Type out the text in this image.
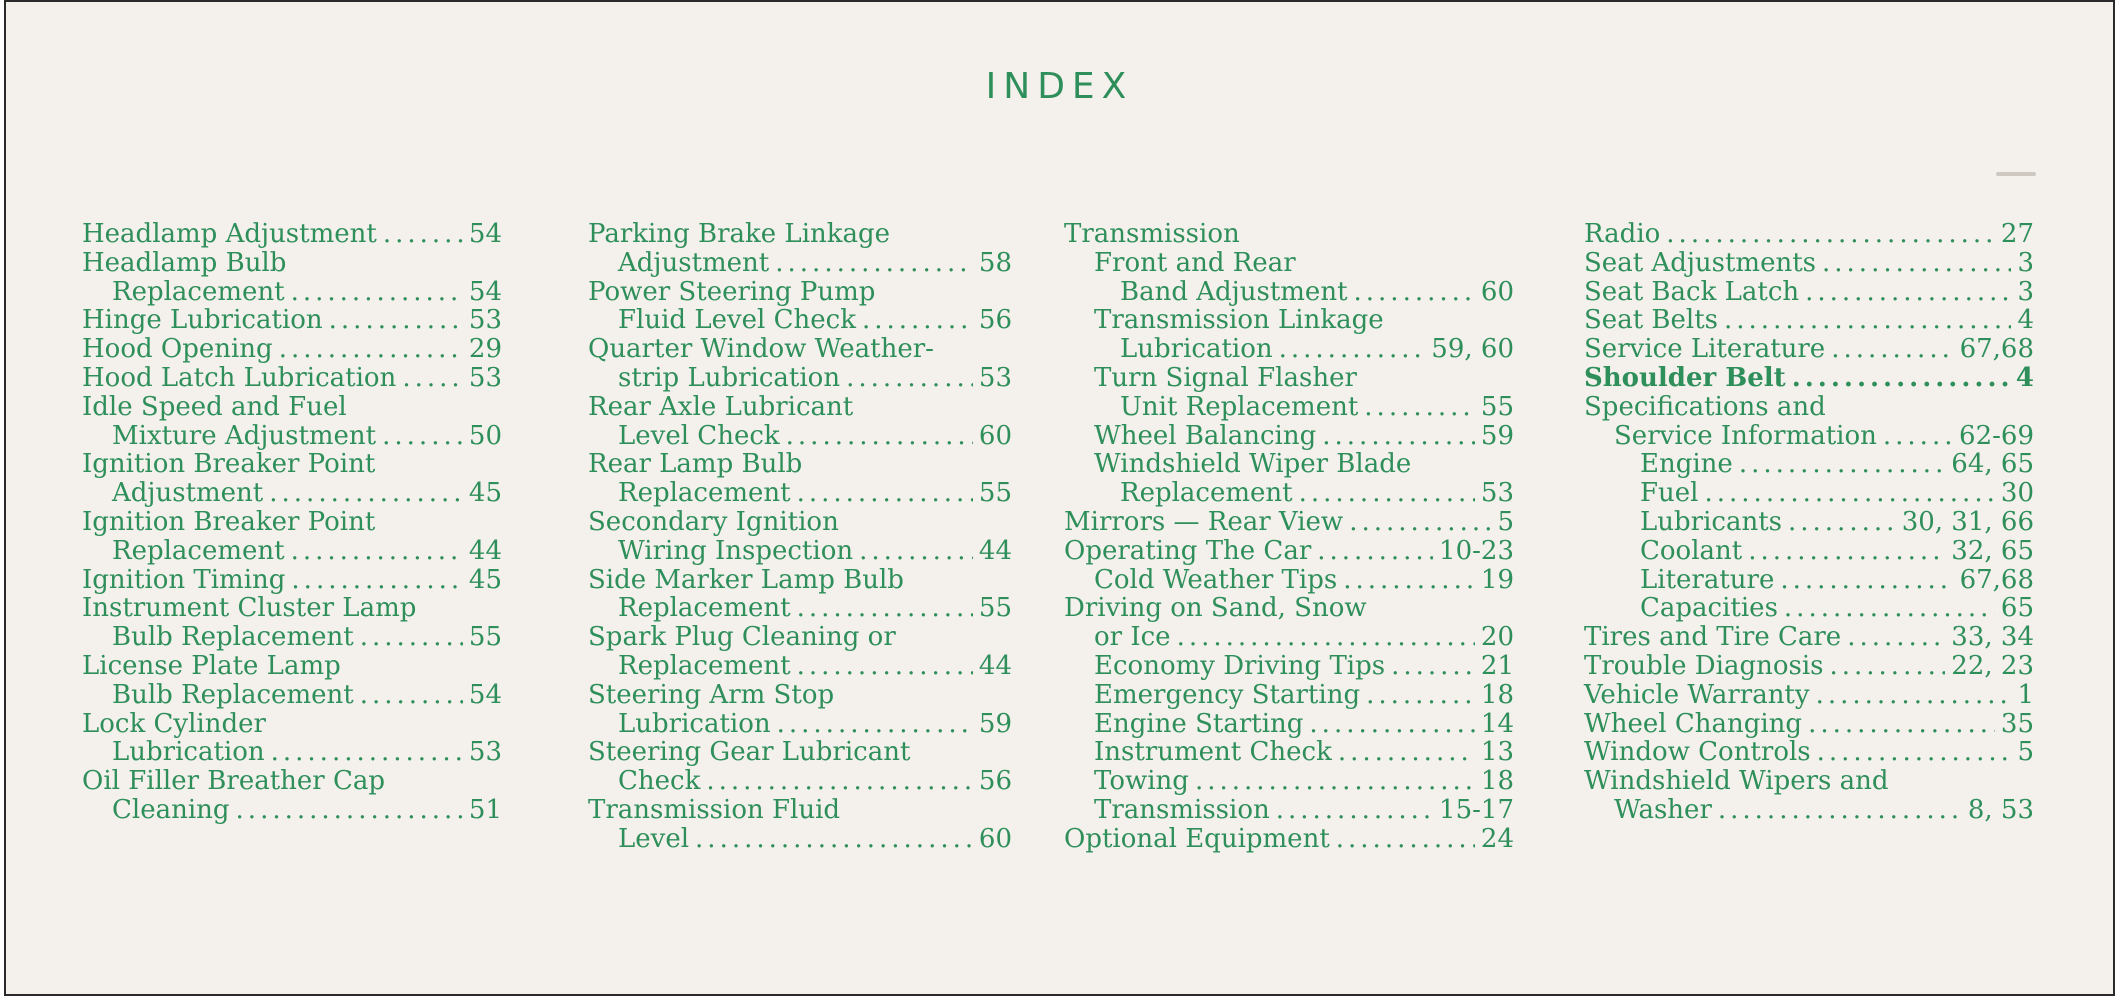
INDEX
Headlamp Adjustment .....	54
Headlamp Bulb
Replacement .....	54
Hinge Lubrication .....	53
Hood Opening .....	29
Hood Latch Lubrication .....	53
Idle Speed and Fuel
Mixture Adjustment .....	50
Ignition Breaker Point
Adjustment .....	45
Ignition Breaker Point
Replacement .....	44
Ignition Timing .....	45
Instrument Cluster Lamp
Bulb Replacement .....	55
License Plate Lamp
Bulb Replacement .....	54
Lock Cylinder
Lubrication .....	53
Oil Filler Breather Cap
Cleaning .....	51
Parking Brake Linkage
Adjustment .....	58
Power Steering Pump
Fluid Level Check .....	56
Quarter Window Weather-
strip Lubrication .....	53
Rear Axle Lubricant
Level Check .....	60
Rear Lamp Bulb
Replacement .....	55
Secondary Ignition
Wiring Inspection .....	44
Side Marker Lamp Bulb
Replacement .....	55
Spark Plug Cleaning or
Replacement .....	44
Steering Arm Stop
Lubrication .....	59
Steering Gear Lubricant
Check .....	56
Transmission Fluid
Level .....	60
Transmission
Front and Rear
Band Adjustment .....	60
Transmission Linkage
Lubrication .....	59, 60
Turn Signal Flasher
Unit Replacement .....	55
Wheel Balancing .....	59
Windshield Wiper Blade
Replacement .....	53
Mirrors — Rear View .....	5
Operating The Car .....	10-23
Cold Weather Tips .....	19
Driving on Sand, Snow
or Ice .....	20
Economy Driving Tips .....	21
Emergency Starting .....	18
Engine Starting .....	14
Instrument Check .....	13
Towing .....	18
Transmission .....	15-17
Optional Equipment .....	24
Radio .....	27
Seat Adjustments .....	3
Seat Back Latch .....	3
Seat Belts .....	4
Service Literature .....	67,68
Shoulder Belt .....	4
Specifications and
Service Information .....	62-69
Engine .....	64, 65
Fuel .....	30
Lubricants .....	30, 31, 66
Coolant .....	32, 65
Literature .....	67,68
Capacities .....	65
Tires and Tire Care .....	33, 34
Trouble Diagnosis .....	22, 23
Vehicle Warranty .....	1
Wheel Changing .....	35
Window Controls .....	5
Windshield Wipers and
Washer .....	8, 53
